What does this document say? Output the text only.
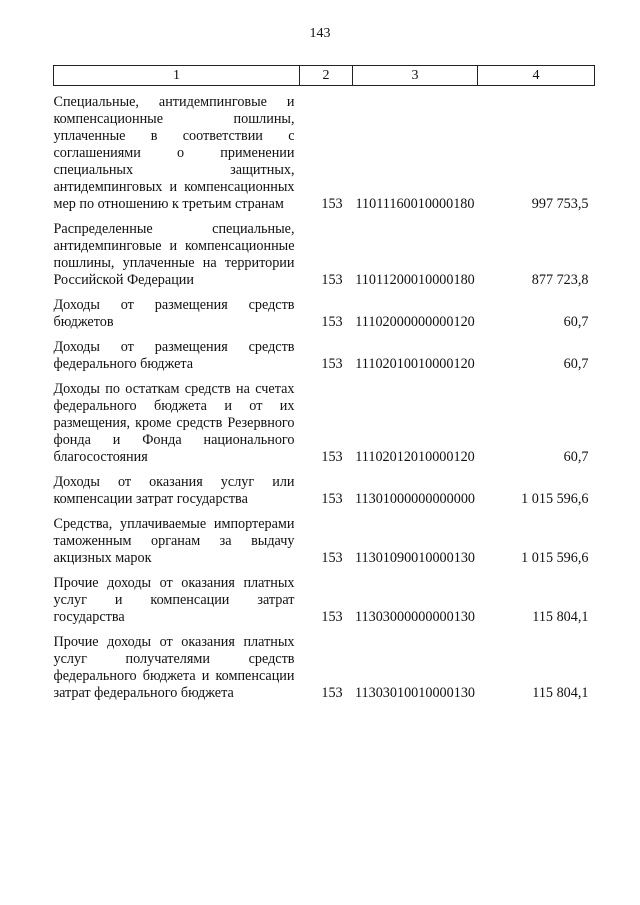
143
1	2	3	4

Специальные, антидемпинговые и компенсационные пошлины, уплаченные в соответствии с соглашениями о применении специальных защитных, антидемпинговых и компенсационных мер по отношению к третьим странам	153	11011160010000180	997 753,5

Распределенные специальные, антидемпинговые и компенсационные пошлины, уплаченные на территории Российской Федерации	153	11011200010000180	877 723,8

Доходы от размещения средств бюджетов	153	11102000000000120	60,7

Доходы от размещения средств федерального бюджета	153	11102010010000120	60,7

Доходы по остаткам средств на счетах федерального бюджета и от их размещения, кроме средств Резервного фонда и Фонда национального благосостояния	153	11102012010000120	60,7

Доходы от оказания услуг или компенсации затрат государства	153	11301000000000000	1 015 596,6

Средства, уплачиваемые импортерами таможенным органам за выдачу акцизных марок	153	11301090010000130	1 015 596,6

Прочие доходы от оказания платных услуг и компенсации затрат государства	153	11303000000000130	115 804,1

Прочие доходы от оказания платных услуг получателями средств федерального бюджета и компенсации затрат федерального бюджета	153	11303010010000130	115 804,1
